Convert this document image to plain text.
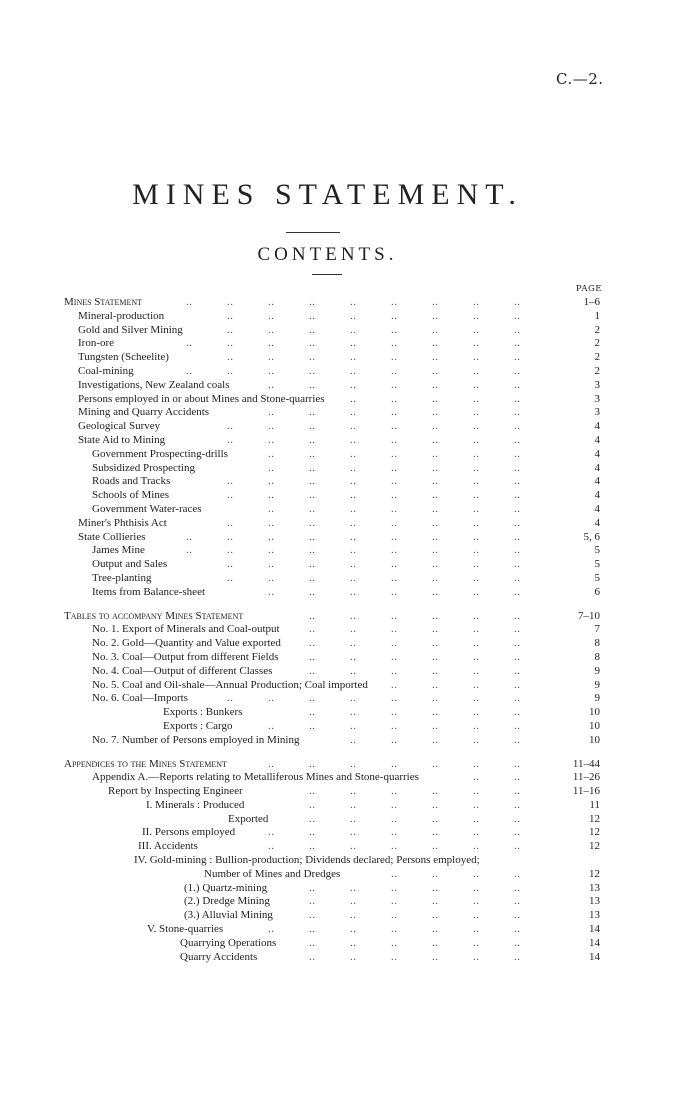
C.—2.
MINES STATEMENT.
CONTENTS.
PAGE
Mines Statement	..   ..   ..   ..   ..   ..   ..   ..   ..   	1–6
Mineral-production	..   ..   ..   ..   ..   ..   ..   ..   	1
Gold and Silver Mining	..   ..   ..   ..   ..   ..   ..   ..   	2
Iron-ore	..   ..   ..   ..   ..   ..   ..   ..   ..   	2
Tungsten (Scheelite)	..   ..   ..   ..   ..   ..   ..   ..   	2
Coal-mining	..   ..   ..   ..   ..   ..   ..   ..   ..   	2
Investigations, New Zealand coals	..   ..   ..   ..   ..   ..   ..   	3
Persons employed in or about Mines and Stone-quarries	..   ..   ..   ..   ..   	3
Mining and Quarry Accidents	..   ..   ..   ..   ..   ..   ..   	3
Geological Survey	..   ..   ..   ..   ..   ..   ..   ..   	4
State Aid to Mining	..   ..   ..   ..   ..   ..   ..   ..   	4
Government Prospecting-drills	..   ..   ..   ..   ..   ..   ..   	4
Subsidized Prospecting	..   ..   ..   ..   ..   ..   ..   	4
Roads and Tracks	..   ..   ..   ..   ..   ..   ..   ..   	4
Schools of Mines	..   ..   ..   ..   ..   ..   ..   ..   	4
Government Water-races	..   ..   ..   ..   ..   ..   ..   	4
Miner's Phthisis Act	..   ..   ..   ..   ..   ..   ..   ..   	4
State Collieries	..   ..   ..   ..   ..   ..   ..   ..   ..   	5, 6
James Mine	..   ..   ..   ..   ..   ..   ..   ..   ..   	5
Output and Sales	..   ..   ..   ..   ..   ..   ..   ..   	5
Tree-planting	..   ..   ..   ..   ..   ..   ..   ..   	5
Items from Balance-sheet	..   ..   ..   ..   ..   ..   ..   	6
Tables to accompany Mines Statement	..   ..   ..   ..   ..   ..   	7–10
No. 1. Export of Minerals and Coal-output	..   ..   ..   ..   ..   ..   	7
No. 2. Gold—Quantity and Value exported	..   ..   ..   ..   ..   ..   	8
No. 3. Coal—Output from different Fields	..   ..   ..   ..   ..   ..   	8
No. 4. Coal—Output of different Classes	..   ..   ..   ..   ..   ..   	9
No. 5. Coal and Oil-shale—Annual Production; Coal imported	..   ..   ..   ..   	9
No. 6. Coal—Imports	..   ..   ..   ..   ..   ..   ..   ..   	9
Exports : Bunkers	..   ..   ..   ..   ..   ..   	10
Exports : Cargo	..   ..   ..   ..   ..   ..   ..   	10
No. 7. Number of Persons employed in Mining	..   ..   ..   ..   ..   	10
Appendices to the Mines Statement	..   ..   ..   ..   ..   ..   ..   	11–44
Appendix A.—Reports relating to Metalliferous Mines and Stone-quarries	..   ..   	11–26
Report by Inspecting Engineer	..   ..   ..   ..   ..   ..   	11–16
I. Minerals : Produced	..   ..   ..   ..   ..   ..   	11
Exported	..   ..   ..   ..   ..   ..   	12
II. Persons employed	..   ..   ..   ..   ..   ..   ..   	12
III. Accidents	..   ..   ..   ..   ..   ..   ..   	12
IV. Gold-mining : Bullion-production; Dividends declared; Persons employed;
Number of Mines and Dredges	..   ..   ..   ..   	12
(1.) Quartz-mining	..   ..   ..   ..   ..   ..   	13
(2.) Dredge Mining	..   ..   ..   ..   ..   ..   	13
(3.) Alluvial Mining	..   ..   ..   ..   ..   ..   	13
V. Stone-quarries	..   ..   ..   ..   ..   ..   ..   	14
Quarrying Operations	..   ..   ..   ..   ..   ..   	14
Quarry Accidents	..   ..   ..   ..   ..   ..   	14
